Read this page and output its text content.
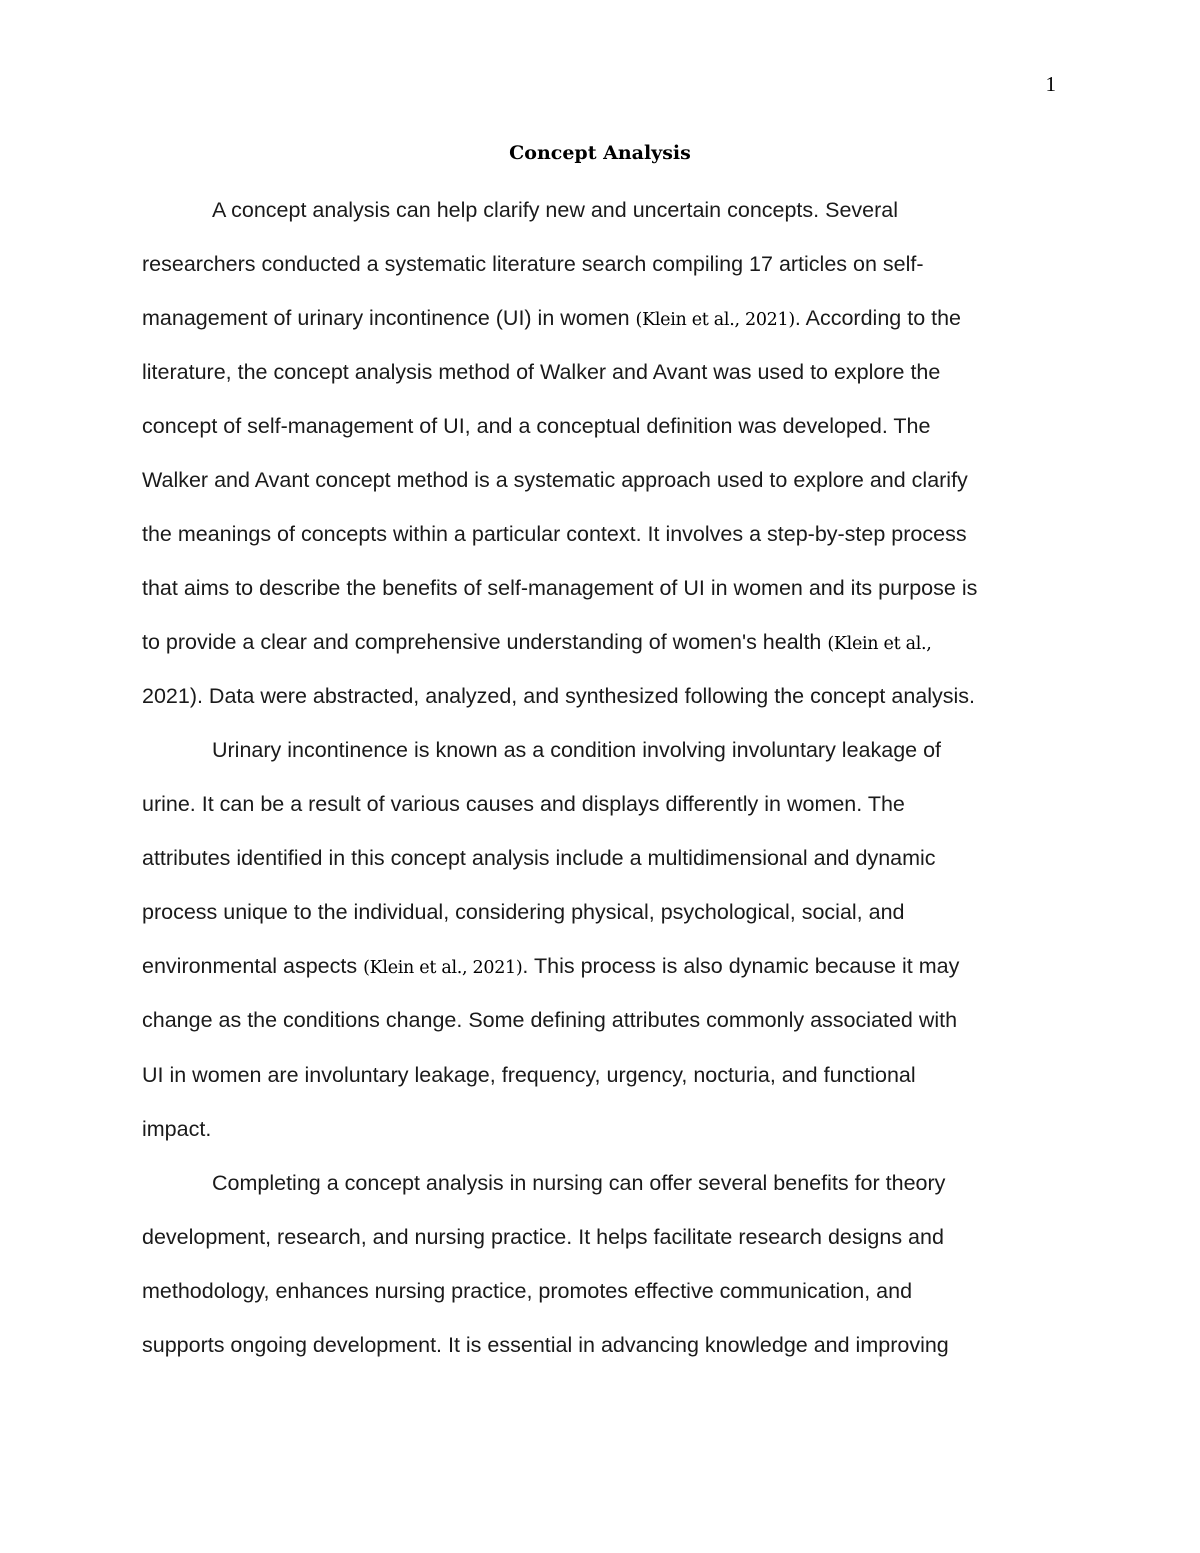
1
Concept Analysis
A concept analysis can help clarify new and uncertain concepts. Several
researchers conducted a systematic literature search compiling 17 articles on self-
management of urinary incontinence (UI) in women (Klein et al., 2021). According to the
literature, the concept analysis method of Walker and Avant was used to explore the
concept of self-management of UI, and a conceptual definition was developed. The
Walker and Avant concept method is a systematic approach used to explore and clarify
the meanings of concepts within a particular context. It involves a step-by-step process
that aims to describe the benefits of self-management of UI in women and its purpose is
to provide a clear and comprehensive understanding of women's health (Klein et al.,
2021). Data were abstracted, analyzed, and synthesized following the concept analysis.
Urinary incontinence is known as a condition involving involuntary leakage of
urine. It can be a result of various causes and displays differently in women. The
attributes identified in this concept analysis include a multidimensional and dynamic
process unique to the individual, considering physical, psychological, social, and
environmental aspects (Klein et al., 2021). This process is also dynamic because it may
change as the conditions change. Some defining attributes commonly associated with
UI in women are involuntary leakage, frequency, urgency, nocturia, and functional
impact.
Completing a concept analysis in nursing can offer several benefits for theory
development, research, and nursing practice. It helps facilitate research designs and
methodology, enhances nursing practice, promotes effective communication, and
supports ongoing development. It is essential in advancing knowledge and improving
